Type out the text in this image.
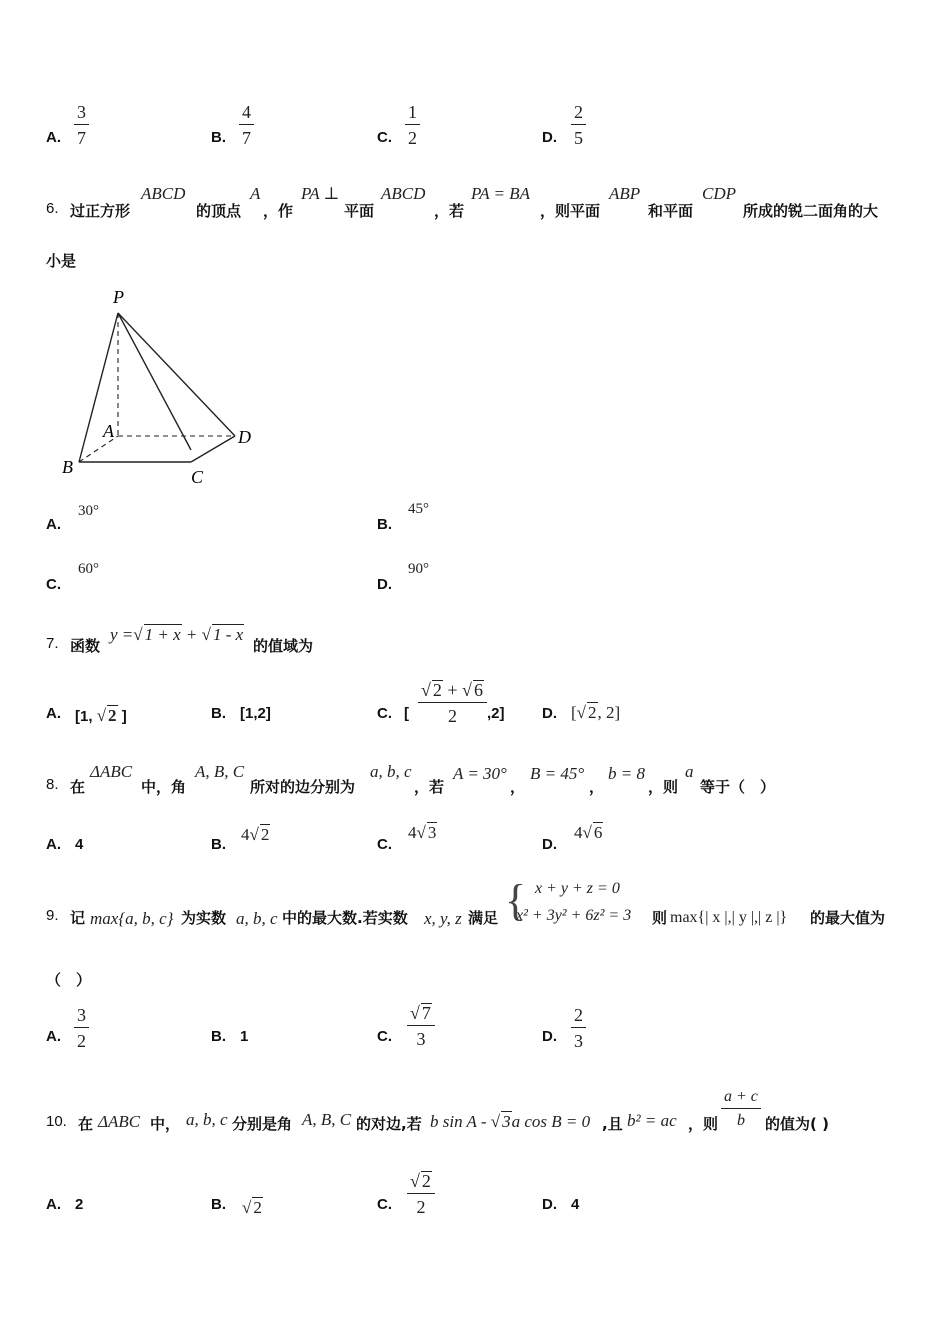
A. $\frac{3}{7}$	B. $\frac{4}{7}$	C. $\frac{1}{2}$	D. $\frac{2}{5}$
6. 过正方形
ABCD
的顶点
A
，作
PA ⊥
平面
ABCD
，若
PA = BA
，则平面
ABP
和平面
CDP
所成的锐二面角的大
小是
P
A
B	C
D
A.
30°
B.
45°
C.
60°
D.
90°
7. 函数
y =√ 1 + x + √ 1 - x
的值域为
A. [1, √ 2 ]	B. [1,2]	C. [ $\frac{√ 2 + √ 6}{2} ,2$] D. [√ 2, 2]
8. 在
ΔABC
中，角
A, B, C
所对的边分别为
a, b, c
，若
A = 30°
，
B = 45°
，
b = 8
，则
a
等于（　）
A. 4	B.
4√ 2
C.
4√ 3
D.
4√ 6
9. 记 max{a, b, c} 为实数 a, b, c 中的最大数.若实数 x, y, z 满足 { x + y + z = 0
x² + 3y² + 6z² = 3 则 max{| x |,| y |,| z |} 的最大值为
（　）
A. $\frac{3}{2}$	B. 1	C. $\frac{√ 7}{3}$	D. $\frac{2}{3}$
10. 在 ΔABC 中， a, b, c 分别是角 A, B, C 的对边,若 b sin A - √ 3a cos B = 0 ,且 b² = ac ，则 $\frac{a + c}{b}$ 的值为( )
A. 2	B. √ 2	C. $\frac{√ 2}{2}$	D. 4
